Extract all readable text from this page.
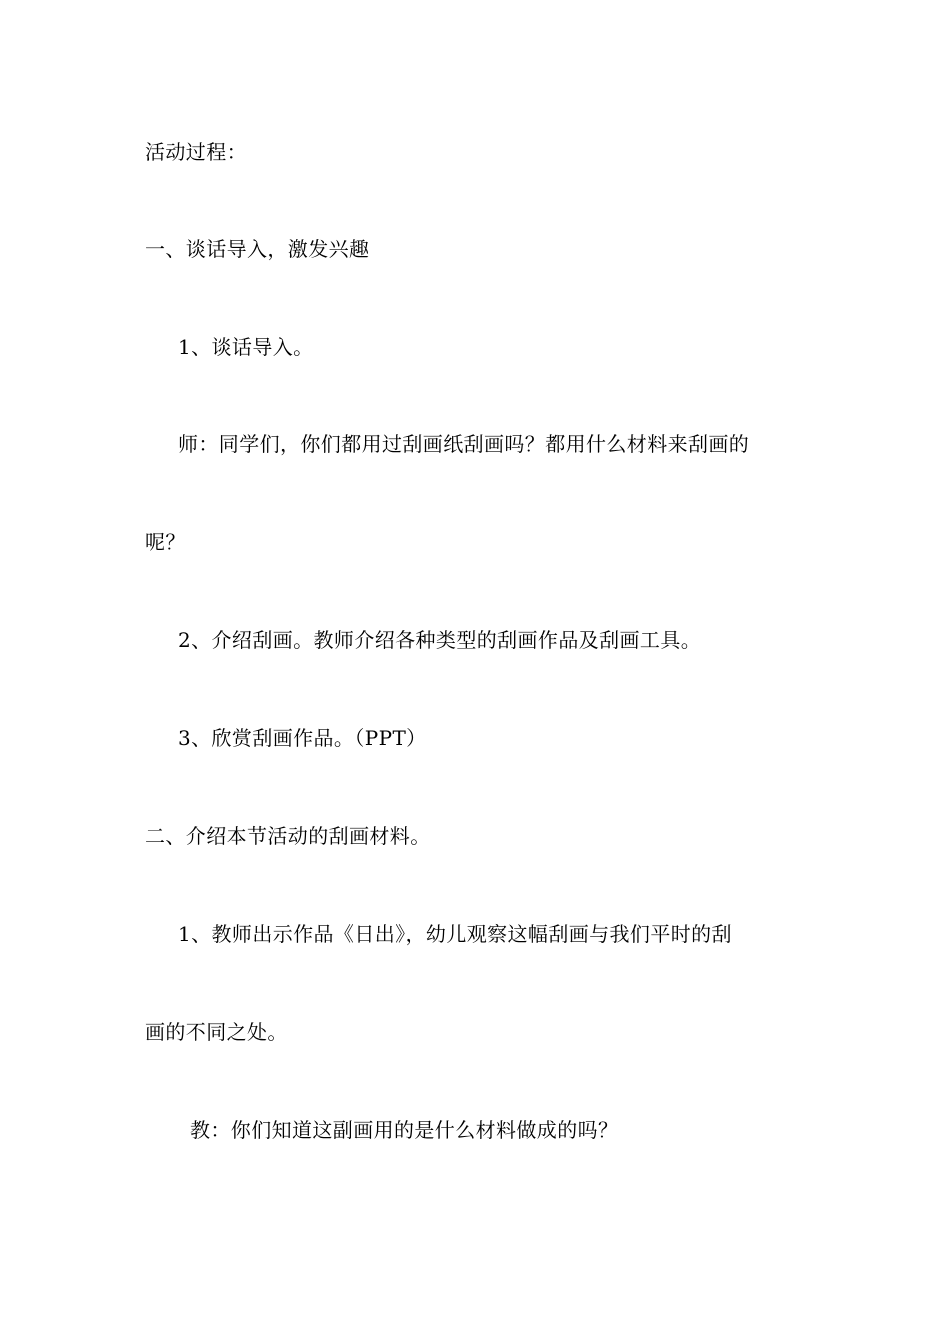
活动过程：
一、谈话导入，激发兴趣
1、谈话导入。
师：同学们，你们都用过刮画纸刮画吗？都用什么材料来刮画的
呢？
2、介绍刮画。教师介绍各种类型的刮画作品及刮画工具。
3、欣赏刮画作品。（PPT）
二、介绍本节活动的刮画材料。
1、教师出示作品《日出》，幼儿观察这幅刮画与我们平时的刮
画的不同之处。
教：你们知道这副画用的是什么材料做成的吗？
